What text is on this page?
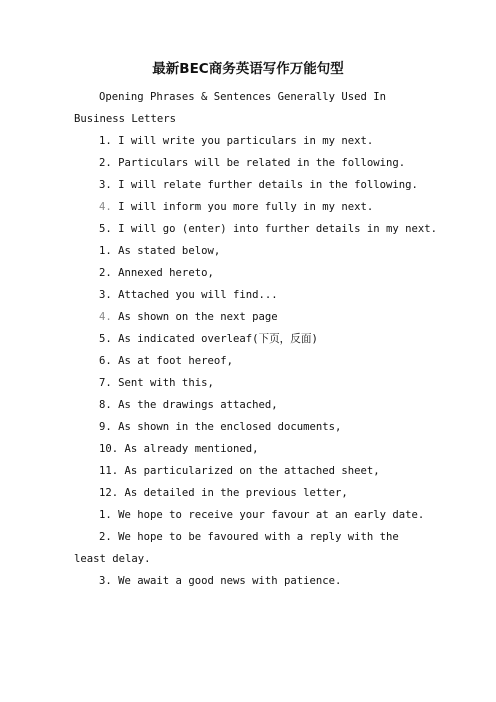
最新BEC商务英语写作万能句型

Opening Phrases & Sentences Generally Used In Business Letters

1. I will write you particulars in my next.

2. Particulars will be related in the following.

3. I will relate further details in the following.

4. I will inform you more fully in my next.

5. I will go (enter) into further details in my next.

1. As stated below,

2. Annexed hereto,

3. Attached you will find...

4. As shown on the next page

5. As indicated overleaf(下页，反面)

6. As at foot hereof,

7. Sent with this,

8. As the drawings attached,

9. As shown in the enclosed documents,

10. As already mentioned,

11. As particularized on the attached sheet,

12. As detailed in the previous letter,

1. We hope to receive your favour at an early date.

2. We hope to be favoured with a reply with the least delay.

3. We await a good news with patience.
